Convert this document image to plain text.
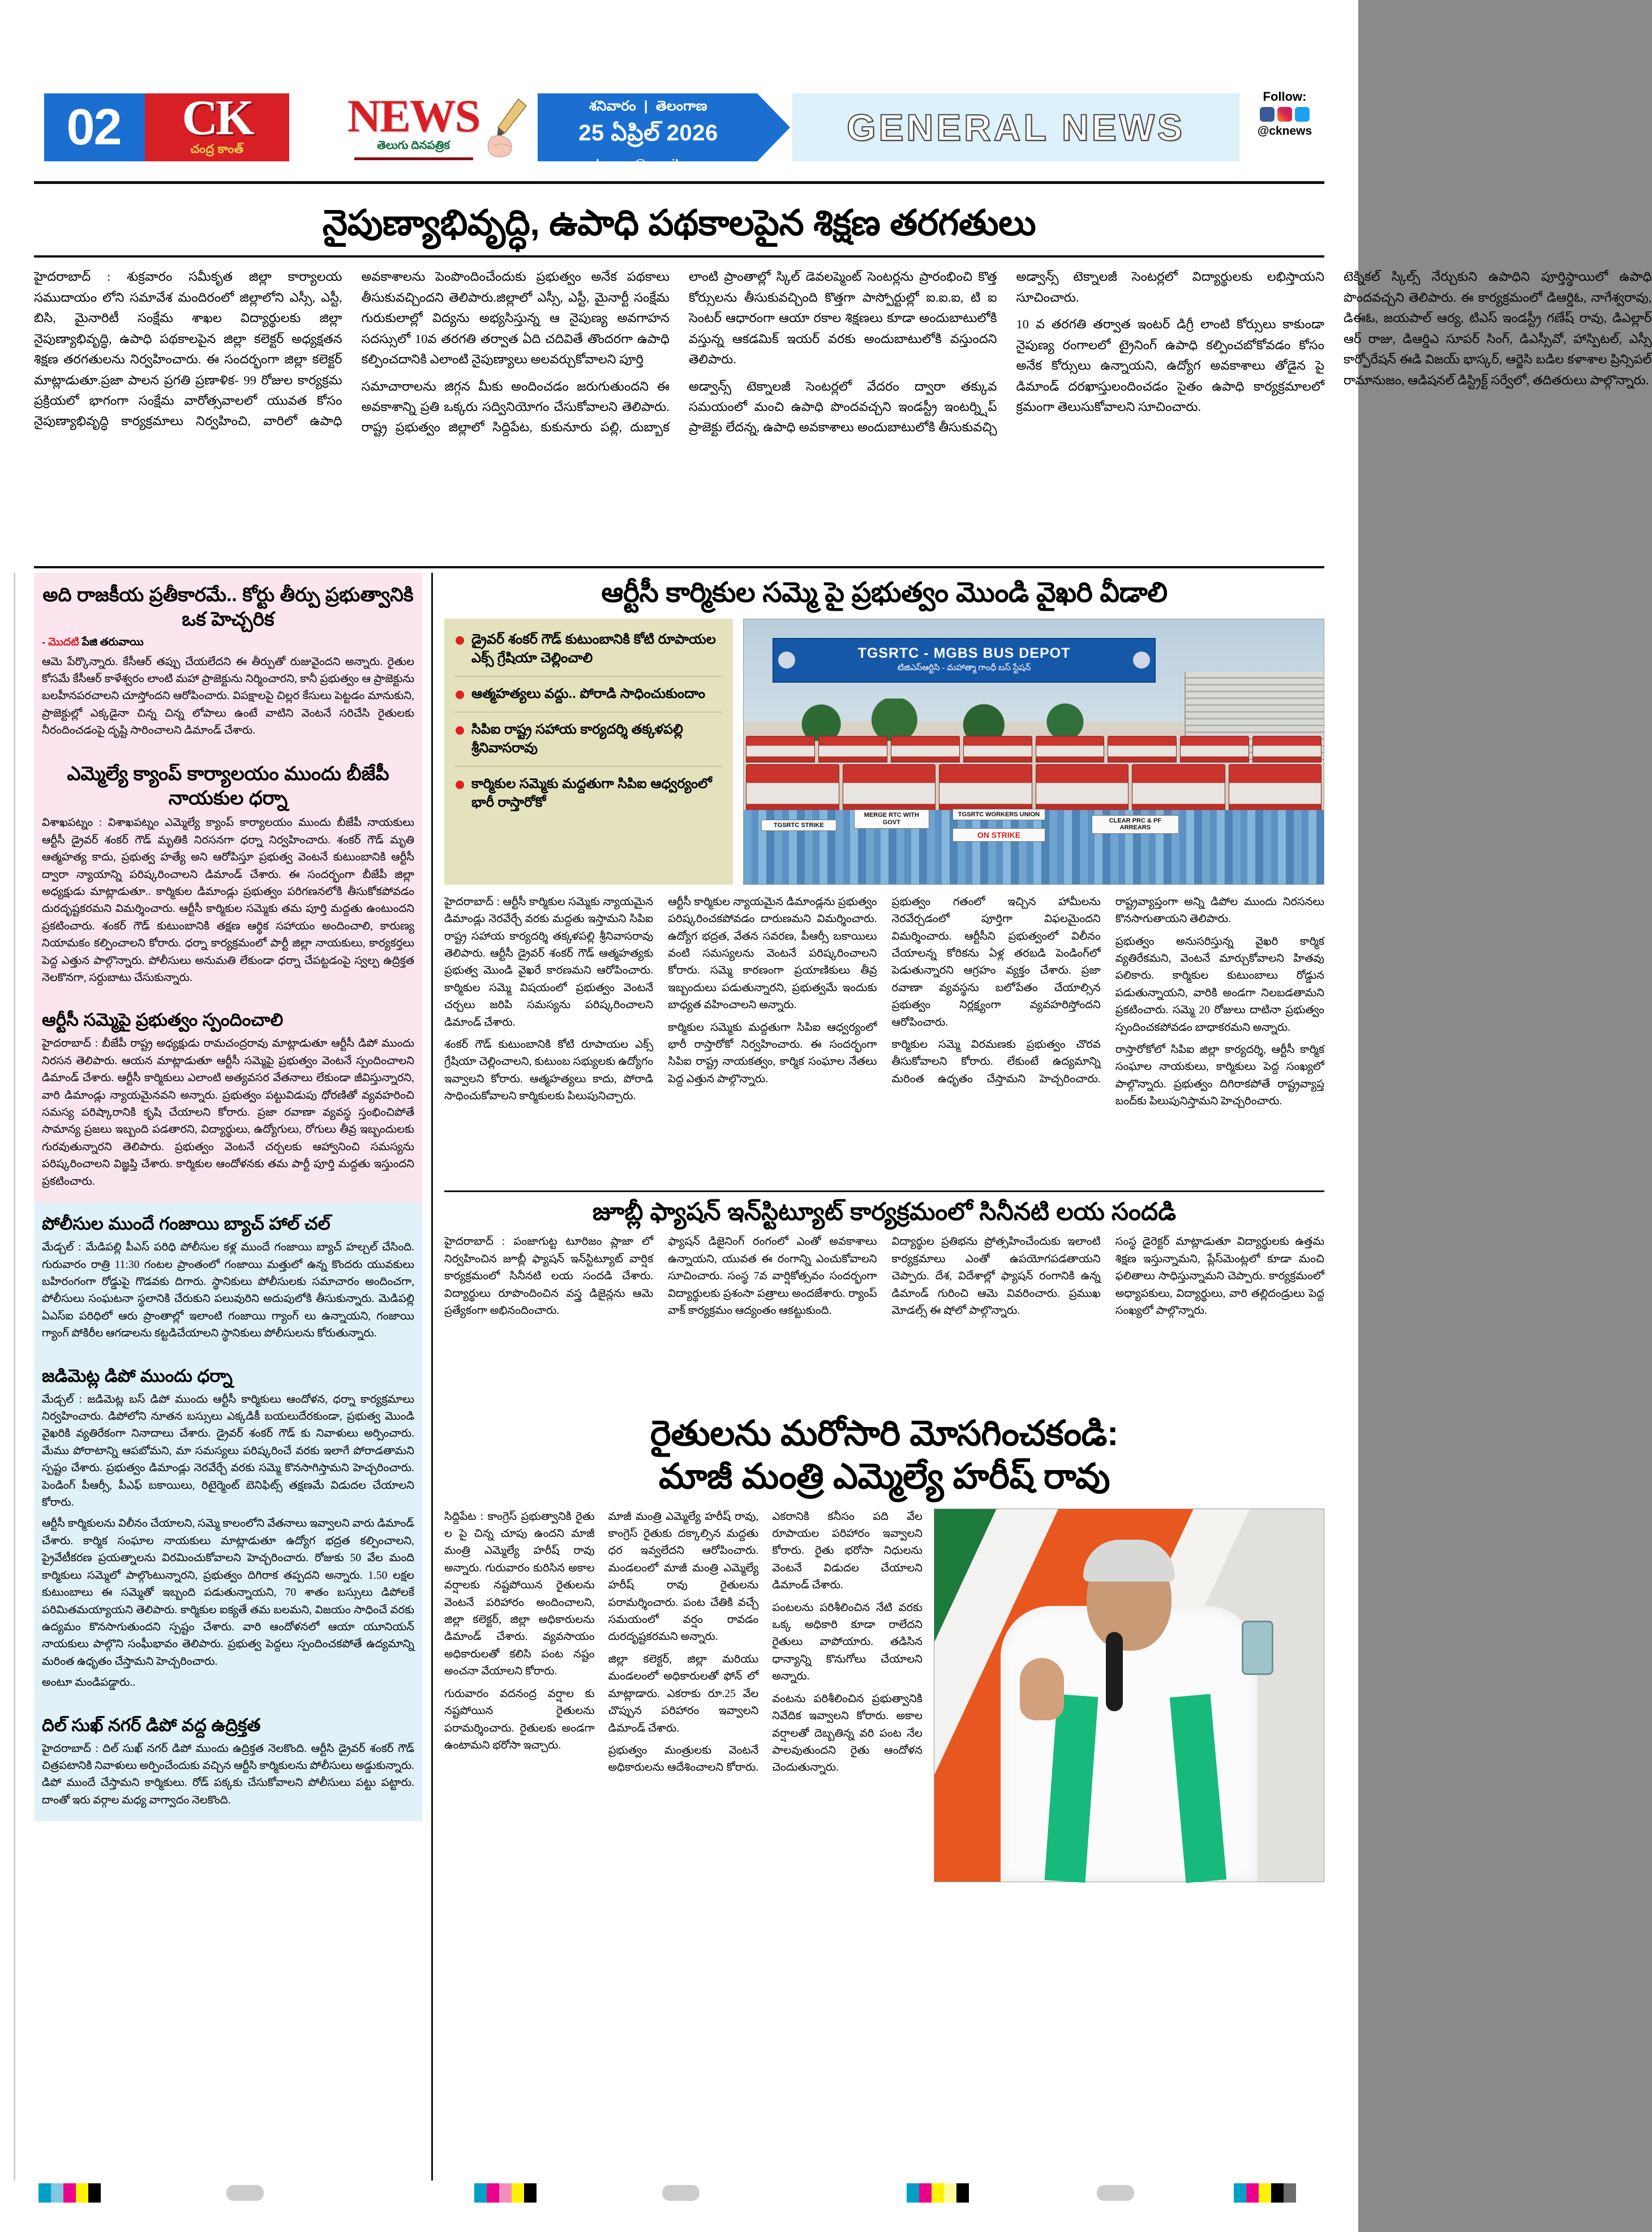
02	CK
చంద్ర కాంత్
NEWS
తెలుగు దినపత్రిక
శనివారం  |  తెలంగాణ
25 ఏప్రిల్ 2026
cknews@gmail.com
GENERAL NEWS
Follow:
@cknews
నైపుణ్యాభివృద్ధి, ఉపాధి పథకాలపైన శిక్షణ తరగతులు

హైదరాబాద్ : శుక్రవారం సమీకృత జిల్లా కార్యాలయ సముదాయం లోని సమావేశ మందిరంలో జిల్లాలోని ఎస్సీ, ఎస్టీ, బిసి, మైనారిటీ సంక్షేమ శాఖల విద్యార్థులకు జిల్లా నైపుణ్యాభివృద్ధి, ఉపాధి పథకాలపైన జిల్లా కలెక్టర్ అధ్యక్షతన శిక్షణ తరగతులను నిర్వహించారు. ఈ సందర్భంగా జిల్లా కలెక్టర్ మాట్లాడుతూ.ప్రజా పాలన ప్రగతి ప్రణాళిక- 99 రోజుల కార్యక్రమ ప్రక్రియలో భాగంగా సంక్షేమ వారోత్సవాలలో యువత కోసం నైపుణ్యాభివృద్ధి కార్యక్రమాలు నిర్వహించి, వారిలో ఉపాధి అవకాశాలను పెంపొందించేందుకు ప్రభుత్వం అనేక పథకాలు తీసుకువచ్చిందని తెలిపారు.జిల్లాలో ఎస్సీ, ఎస్టీ, మైనార్టీ సంక్షేమ గురుకులాల్లో విద్యను అభ్యసిస్తున్న ఆ నైపుణ్య అవగాహన సదస్సులో 10వ తరగతి తర్వాత ఏది చదివితే తొందరగా ఉపాధి కల్పించదానికి ఎలాంటి నైపుణ్యాలు అలవర్చుకోవాలని పూర్తి

సమాచారాలను జిగ్గన మీకు అందించడం జరుగుతుందని ఈ అవకాశాన్ని ప్రతి ఒక్కరు సద్వినియోగం చేసుకోవాలని తెలిపారు. రాష్ట్ర ప్రభుత్వం జిల్లాలో సిద్దిపేట, కుకునూరు పల్లి, దుబ్బాక లాంటి ప్రాంతాల్లో స్కిల్ డెవలప్మెంట్ సెంటర్లను ప్రారంభించి కొత్త కోర్సులను తీసుకువచ్చింది కొత్తగా పాస్పోర్టుల్లో ఐ.ఐ.ఐ, టి ఐ సెంటర్ ఆధారంగా ఆయా రకాల శిక్షణలు కూడా అందుబాటులోకి వస్తున్న ఆకడమిక్ ఇయర్ వరకు అందుబాటులోకి వస్తుందని తెలిపారు.

అడ్వాన్స్ టెక్నాలజీ సెంటర్లలో వేదరం ద్వారా తక్కువ సమయంలో మంచి ఉపాధి పొందవచ్చని ఇండస్ట్రీ ఇంటర్న్షిప్ ప్రాజెక్టు లేదన్న, ఉపాధి అవకాశాలు అందుబాటులోకి తీసుకువచ్చి అడ్వాన్స్ టెక్నాలజీ సెంటర్లలో విద్యార్థులకు లభిస్తాయని సూచించారు.

10 వ తరగతి తర్వాత ఇంటర్ డిగ్రీ లాంటి కోర్సులు కాకుండా నైపుణ్య రంగాలలో ట్రైనింగ్ ఉపాధి కల్పించబోకోవడం కోసం అనేక కోర్సులు ఉన్నాయని, ఉద్యోగ అవకాశాలు తోడైన పై డిమాండ్ దరఖాస్తులందించడం సైతం ఉపాధి కార్యక్రమాలలో క్రమంగా తెలుసుకోవాలని సూచించారు.

టెక్నికల్ స్కిల్స్ నేర్చుకుని ఉపాధిని పూర్తిస్థాయిలో ఉపాధి పొందవచ్చని తెలిపారు. ఈ కార్యక్రమంలో డిఆర్డిఓ, నాగేశ్వరావు, డిఈఓ, జయపాల్ ఆర్య, టిఎస్ ఇండస్ట్రీ గణేష్ రావు, డిఎల్లార్ ఆర్ రాజు, డిఆర్డిఎ సూపర్ సింగ్, డిఎస్సీవో, హాస్పిటల్, ఎస్సీ కార్పోరేషన్ ఈడి విజయ్ భాస్కర్, ఆర్జెసి బడిల కళాశాల ప్రిన్సిపల్ రామానుజం, ఆడిషనల్ డిస్ట్రిక్ట్ సర్వేలో, తదితరులు పాల్గొన్నారు.

అది రాజకీయ ప్రతీకారమే.. కోర్టు తీర్పు ప్రభుత్వానికి ఒక హెచ్చరిక
- మొదటి పేజి తరువాయి

ఆమె పేర్కొన్నారు. కేసీఆర్ తప్పు చేయలేదని ఈ తీర్పుతో రుజువైందని అన్నారు. రైతుల కోసమే కేసీఆర్ కాళేశ్వరం లాంటి మహా ప్రాజెక్టును నిర్మించారని, కానీ ప్రభుత్వం ఆ ప్రాజెక్టును బలహీనపరచాలని చూస్తోందని ఆరోపించారు. విపక్షాలపై చిల్లర కేసులు పెట్టడం మానుకుని, ప్రాజెక్టుల్లో ఎక్కడైనా చిన్న చిన్న లోపాలు ఉంటే వాటిని వెంటనే సరిచేసి రైతులకు నీరందించడంపై దృష్టి సారించాలని డిమాండ్ చేశారు.

ఎమ్మెల్యే క్యాంప్ కార్యాలయం ముందు బీజేపీ నాయకుల ధర్నా

విశాఖపట్నం : విశాఖపట్నం ఎమ్మెల్యే క్యాంప్ కార్యాలయం ముందు బీజేపీ నాయకులు ఆర్టీసీ డ్రైవర్ శంకర్ గౌడ్ మృతికి నిరసనగా ధర్నా నిర్వహించారు. శంకర్ గౌడ్ మృతి ఆత్మహత్య కాదు, ప్రభుత్వ హత్యే అని ఆరోపిస్తూ ప్రభుత్వ వెంటనే కుటుంబానికి ఆర్టీసీ ద్వారా న్యాయాన్ని పరిష్కరించాలని డిమాండ్ చేశారు. ఈ సందర్భంగా బీజేపీ జిల్లా అధ్యక్షుడు మాట్లాడుతూ.. కార్మికుల డిమాండ్లు ప్రభుత్వం పరిగణనలోకి తీసుకోకపోవడం దురదృష్టకరమని విమర్శించారు. ఆర్టీసీ కార్మికుల సమ్మెకు తమ పూర్తి మద్దతు ఉంటుందని ప్రకటించారు. శంకర్ గౌడ్ కుటుంబానికి తక్షణ ఆర్థిక సహాయం అందించాలి, కారుణ్య నియామకం కల్పించాలని కోరారు. ధర్నా కార్యక్రమంలో పార్టీ జిల్లా నాయకులు, కార్యకర్తలు పెద్ద ఎత్తున పాల్గొన్నారు. పోలీసులు అనుమతి లేకుండా ధర్నా చేపట్టడంపై స్వల్ప ఉద్రిక్తత నెలకొనగా, సర్దుబాటు చేసుకున్నారు.

ఆర్టీసీ సమ్మెపై ప్రభుత్వం స్పందించాలి

హైదరాబాద్ : బీజేపీ రాష్ట్ర అధ్యక్షుడు రామచంద్రరావు మాట్లాడుతూ ఆర్టీసీ డిపో ముందు నిరసన తెలిపారు. ఆయన మాట్లాడుతూ ఆర్టీసీ సమ్మెపై ప్రభుత్వం వెంటనే స్పందించాలని డిమాండ్ చేశారు. ఆర్టీసీ కార్మికులు ఎలాంటి అత్యవసర వేతనాలు లేకుండా జీవిస్తున్నారని, వారి డిమాండ్లు న్యాయమైనవని అన్నారు. ప్రభుత్వం పట్టువిడుపు ధోరణితో వ్యవహరించి సమస్య పరిష్కారానికి కృషి చేయాలని కోరారు. ప్రజా రవాణా వ్యవస్థ స్తంభించిపోతే సామాన్య ప్రజలు ఇబ్బంది పడతారని, విద్యార్థులు, ఉద్యోగులు, రోగులు తీవ్ర ఇబ్బందులకు గురవుతున్నారని తెలిపారు. ప్రభుత్వం వెంటనే చర్చలకు ఆహ్వానించి సమస్యను పరిష్కరించాలని విజ్ఞప్తి చేశారు. కార్మికుల ఆందోళనకు తమ పార్టీ పూర్తి మద్దతు ఇస్తుందని ప్రకటించారు.

పోలీసుల ముందే గంజాయి బ్యాచ్ హాల్ చల్

మేడ్చల్ : మేడిపల్లి పీఎస్ పరిధి పోలీసుల కళ్ల ముందే గంజాయి బ్యాచ్ హల్చల్ చేసింది. గురువారం రాత్రి 11:30 గంటల ప్రాంతంలో గంజాయి మత్తులో ఉన్న కొందరు యువకులు బహిరంగంగా రోడ్డుపై గొడవకు దిగారు. స్థానికులు పోలీసులకు సమాచారం అందించగా, పోలీసులు సంఘటనా స్థలానికి చేరుకుని పలువురిని అదుపులోకి తీసుకున్నారు. మెడిపల్లి ఏఎస్ఐ పరిధిలో ఆరు ప్రాంతాల్లో ఇలాంటి గంజాయి గ్యాంగ్ లు ఉన్నాయని, గంజాయి గ్యాంగ్ పోకిరీల ఆగడాలను కట్టడిచేయాలని స్థానికులు పోలీసులను కోరుతున్నారు.

జడిమెట్ల డిపో ముందు ధర్నా

మేడ్చల్ : జడిమెట్ల బస్ డిపో ముందు ఆర్టీసీ కార్మికులు ఆందోళన, ధర్నా కార్యక్రమాలు నిర్వహించారు. డిపోలోని నూతన బస్సులు ఎక్కడికీ బయలుదేరకుండా, ప్రభుత్వ మొండి వైఖరికి వ్యతిరేకంగా నినాదాలు చేశారు. డ్రైవర్ శంకర్ గౌడ్ కు నివాళులు అర్పించారు. మేము పోరాటాన్ని ఆపబోమని, మా సమస్యలు పరిష్కరించే వరకు ఇలాగే పోరాడతామని స్పష్టం చేశారు. ప్రభుత్వం డిమాండ్లు నెరవేర్చే వరకు సమ్మె కొనసాగిస్తామని హెచ్చరించారు. పెండింగ్ పీఆర్సీ, పీఎఫ్ బకాయిలు, రిటైర్మెంట్ బెనిఫిట్స్ తక్షణమే విడుదల చేయాలని కోరారు.

ఆర్టీసీ కార్మికులను విలీనం చేయాలని, సమ్మె కాలంలోని వేతనాలు ఇవ్వాలని వారు డిమాండ్ చేశారు. కార్మిక సంఘాల నాయకులు మాట్లాడుతూ ఉద్యోగ భద్రత కల్పించాలని, ప్రైవేటీకరణ ప్రయత్నాలను విరమించుకోవాలని హెచ్చరించారు. రోజుకు 50 వేల మంది కార్మికులు సమ్మెలో పాల్గొంటున్నారని, ప్రభుత్వం దిగిరాక తప్పదని అన్నారు. 1.50 లక్షల కుటుంబాలు ఈ సమ్మెతో ఇబ్బంది పడుతున్నాయని, 70 శాతం బస్సులు డిపోలకే పరిమితమయ్యాయని తెలిపారు. కార్మికుల ఐక్యతే తమ బలమని, విజయం సాధించే వరకు ఉద్యమం కొనసాగుతుందని స్పష్టం చేశారు. వారి ఆందోళనలో ఆయా యూనియన్ నాయకులు పాల్గొని సంఘీభావం తెలిపారు. ప్రభుత్వ పెద్దలు స్పందించకపోతే ఉద్యమాన్ని మరింత ఉధృతం చేస్తామని హెచ్చరించారు.

అంటూ మండిపడ్డారు..

దిల్ సుఖ్ నగర్ డిపో వద్ద ఉద్రిక్తత

హైదరాబాద్ : దిల్ సుఖ్ నగర్ డిపో ముందు ఉద్రిక్తత నెలకొంది. ఆర్టీసి డ్రైవర్ శంకర్ గౌడ్ చిత్రపటానికి నివాళులు అర్పించేందుకు వచ్చిన ఆర్టీసి కార్మికులను పోలీసులు అడ్డుకున్నారు. డిపో ముందే చేస్తామని కార్మికులు. రోడ్ పక్కకు చేసుకోవాలని పోలీసులు పట్టు పట్టారు. దాంతో ఇరు వర్గాల మధ్య వాగ్వాదం నెలకొంది.

ఆర్టీసీ కార్మికుల సమ్మె పై ప్రభుత్వం మొండి వైఖరి వీడాలి
డ్రైవర్ శంకర్ గౌడ్ కుటుంబానికి కోటి రూపాయల ఎక్స్ గ్రేషియా చెల్లించాలి
ఆత్మహత్యలు వద్దు.. పోరాడి సాధించుకుందాం
సిపిఐ రాష్ట్ర సహాయ కార్యదర్శి తక్కళపల్లి శ్రీనివాసరావు
కార్మికుల సమ్మెకు మద్దతుగా సిపిఐ ఆధ్వర్యంలో భారీ రాస్తారోకో
TGSRTC - MGBS BUS DEPOT
టిజిఎస్ఆర్టిసి - మహాత్మా గాంధీ బస్ స్టేషన్
TGSRTC STRIKE
MERGE RTC WITH GOVT
TGSRTC WORKERS UNION
ON STRIKE
CLEAR PRC & PF ARREARS

హైదరాబాద్ : ఆర్టీసీ కార్మికుల సమ్మెకు న్యాయమైన డిమాండ్లు నెరవేర్చే వరకు మద్దతు ఇస్తామని సిపిఐ రాష్ట్ర సహాయ కార్యదర్శి తక్కళపల్లి శ్రీనివాసరావు తెలిపారు. ఆర్టీసీ డ్రైవర్ శంకర్ గౌడ్ ఆత్మహత్యకు ప్రభుత్వ మొండి వైఖరే కారణమని ఆరోపించారు. కార్మికుల సమ్మె విషయంలో ప్రభుత్వం వెంటనే చర్చలు జరిపి సమస్యను పరిష్కరించాలని డిమాండ్ చేశారు.

శంకర్ గౌడ్ కుటుంబానికి కోటి రూపాయల ఎక్స్ గ్రేషియా చెల్లించాలని, కుటుంబ సభ్యులకు ఉద్యోగం ఇవ్వాలని కోరారు. ఆత్మహత్యలు కాదు, పోరాడి సాధించుకోవాలని కార్మికులకు పిలుపునిచ్చారు.

ఆర్టీసీ కార్మికుల న్యాయమైన డిమాండ్లను ప్రభుత్వం పరిష్కరించకపోవడం దారుణమని విమర్శించారు. ఉద్యోగ భద్రత, వేతన సవరణ, పీఆర్సీ బకాయిలు వంటి సమస్యలను వెంటనే పరిష్కరించాలని కోరారు. సమ్మె కారణంగా ప్రయాణికులు తీవ్ర ఇబ్బందులు పడుతున్నారని, ప్రభుత్వమే ఇందుకు బాధ్యత వహించాలని అన్నారు.

కార్మికుల సమ్మెకు మద్దతుగా సిపిఐ ఆధ్వర్యంలో భారీ రాస్తారోకో నిర్వహించారు. ఈ సందర్భంగా సిపిఐ రాష్ట్ర నాయకత్వం, కార్మిక సంఘాల నేతలు పెద్ద ఎత్తున పాల్గొన్నారు.

ప్రభుత్వం గతంలో ఇచ్చిన హామీలను నెరవేర్చడంలో పూర్తిగా విఫలమైందని విమర్శించారు. ఆర్టీసీని ప్రభుత్వంలో విలీనం చేయాలన్న కోరికను ఏళ్ల తరబడి పెండింగ్‌లో పెడుతున్నారని ఆగ్రహం వ్యక్తం చేశారు. ప్రజా రవాణా వ్యవస్థను బలోపేతం చేయాల్సిన ప్రభుత్వం నిర్లక్ష్యంగా వ్యవహరిస్తోందని ఆరోపించారు.

కార్మికుల సమ్మె విరమణకు ప్రభుత్వం చొరవ తీసుకోవాలని కోరారు. లేకుంటే ఉద్యమాన్ని మరింత ఉధృతం చేస్తామని హెచ్చరించారు. రాష్ట్రవ్యాప్తంగా అన్ని డిపోల ముందు నిరసనలు కొనసాగుతాయని తెలిపారు.

ప్రభుత్వం అనుసరిస్తున్న వైఖరి కార్మిక వ్యతిరేకమని, వెంటనే మార్చుకోవాలని హితవు పలికారు. కార్మికుల కుటుంబాలు రోడ్డున పడుతున్నాయని, వారికి అండగా నిలబడతామని ప్రకటించారు. సమ్మె 20 రోజులు దాటినా ప్రభుత్వం స్పందించకపోవడం బాధాకరమని అన్నారు.

రాస్తారోకోలో సిపిఐ జిల్లా కార్యదర్శి, ఆర్టీసీ కార్మిక సంఘాల నాయకులు, కార్మికులు పెద్ద సంఖ్యలో పాల్గొన్నారు. ప్రభుత్వం దిగిరాకపోతే రాష్ట్రవ్యాప్త బంద్‌కు పిలుపునిస్తామని హెచ్చరించారు.

జూబ్లీ ఫ్యాషన్ ఇన్‌స్టిట్యూట్ కార్యక్రమంలో సినీనటి లయ సందడి

హైదరాబాద్ : పంజాగుట్ట టూరిజం ప్లాజా లో నిర్వహించిన జూబ్లీ ఫ్యాషన్ ఇన్‌స్టిట్యూట్ వార్షిక కార్యక్రమంలో సినీనటి లయ సందడి చేశారు. విద్యార్థులు రూపొందించిన వస్త్ర డిజైన్లను ఆమె ప్రత్యేకంగా అభినందించారు.

ఫ్యాషన్ డిజైనింగ్ రంగంలో ఎంతో అవకాశాలు ఉన్నాయని, యువత ఈ రంగాన్ని ఎంచుకోవాలని సూచించారు. సంస్థ 7వ వార్షికోత్సవం సందర్భంగా విద్యార్థులకు ప్రశంసా పత్రాలు అందజేశారు. ర్యాంప్ వాక్ కార్యక్రమం ఆద్యంతం ఆకట్టుకుంది.

విద్యార్థుల ప్రతిభను ప్రోత్సహించేందుకు ఇలాంటి కార్యక్రమాలు ఎంతో ఉపయోగపడతాయని చెప్పారు. దేశ, విదేశాల్లో ఫ్యాషన్ రంగానికి ఉన్న డిమాండ్ గురించి ఆమె వివరించారు. ప్రముఖ మోడల్స్ ఈ షోలో పాల్గొన్నారు.

సంస్థ డైరెక్టర్ మాట్లాడుతూ విద్యార్థులకు ఉత్తమ శిక్షణ ఇస్తున్నామని, ప్లేస్‌మెంట్లలో కూడా మంచి ఫలితాలు సాధిస్తున్నామని చెప్పారు. కార్యక్రమంలో అధ్యాపకులు, విద్యార్థులు, వారి తల్లిదండ్రులు పెద్ద సంఖ్యలో పాల్గొన్నారు.

రైతులను మరోసారి మోసగించకండి:
మాజీ మంత్రి ఎమ్మెల్యే హరీష్ రావు

సిద్దిపేట : కాంగ్రెస్ ప్రభుత్వానికి రైతు ల పై చిన్న చూపు ఉందని మాజీ మంత్రి ఎమ్మెల్యే హరీష్ రావు అన్నారు. గురువారం కురిసిన అకాల వర్షాలకు నష్టపోయిన రైతులను వెంటనే పరిహారం అందించాలని, జిల్లా కలెక్టర్, జిల్లా అధికారులను డిమాండ్ చేశారు. వ్యవసాయం అధికారులతో కలిసి పంట నష్టం అంచనా వేయాలని కోరారు.

గురువారం వదనంద్ర వర్షాల కు నష్టపోయిన రైతులను పరామర్శించారు. రైతులకు అండగా ఉంటామని భరోసా ఇచ్చారు.

మాజీ మంత్రి ఎమ్మెల్యే హరీష్ రావు, కాంగ్రెస్ రైతుకు దక్కాల్సిన మద్దతు ధర ఇవ్వలేదని ఆరోపించారు. మండలంలో మాజీ మంత్రి ఎమ్మెల్యే హరీష్ రావు రైతులను పరామర్శించారు. పంట చేతికి వచ్చే సమయంలో వర్షం రావడం దురదృష్టకరమని అన్నారు.

జిల్లా కలెక్టర్, జిల్లా మరియు మండలంలో అధికారులతో ఫోన్ లో మాట్లాడారు. ఎకరాకు రూ.25 వేల చొప్పున పరిహారం ఇవ్వాలని డిమాండ్ చేశారు.

ప్రభుత్వం మంత్రులకు వెంటనే అధికారులను ఆదేశించాలని కోరారు. ఎకరానికి కనీసం పది వేల రూపాయల పరిహారం ఇవ్వాలని కోరారు. రైతు భరోసా నిధులను వెంటనే విడుదల చేయాలని డిమాండ్ చేశారు.

పంటలను పరిశీలించిన నేటి వరకు ఒక్క అధికారి కూడా రాలేదని రైతులు వాపోయారు. తడిసిన ధాన్యాన్ని కొనుగోలు చేయాలని అన్నారు.

వంటను పరిశీలించిన ప్రభుత్వానికి నివేదిక ఇవ్వాలని కోరారు. అకాల వర్షాలతో దెబ్బతిన్న వరి పంట నేల పాలవుతుందని రైతు ఆందోళన చెందుతున్నారు.
